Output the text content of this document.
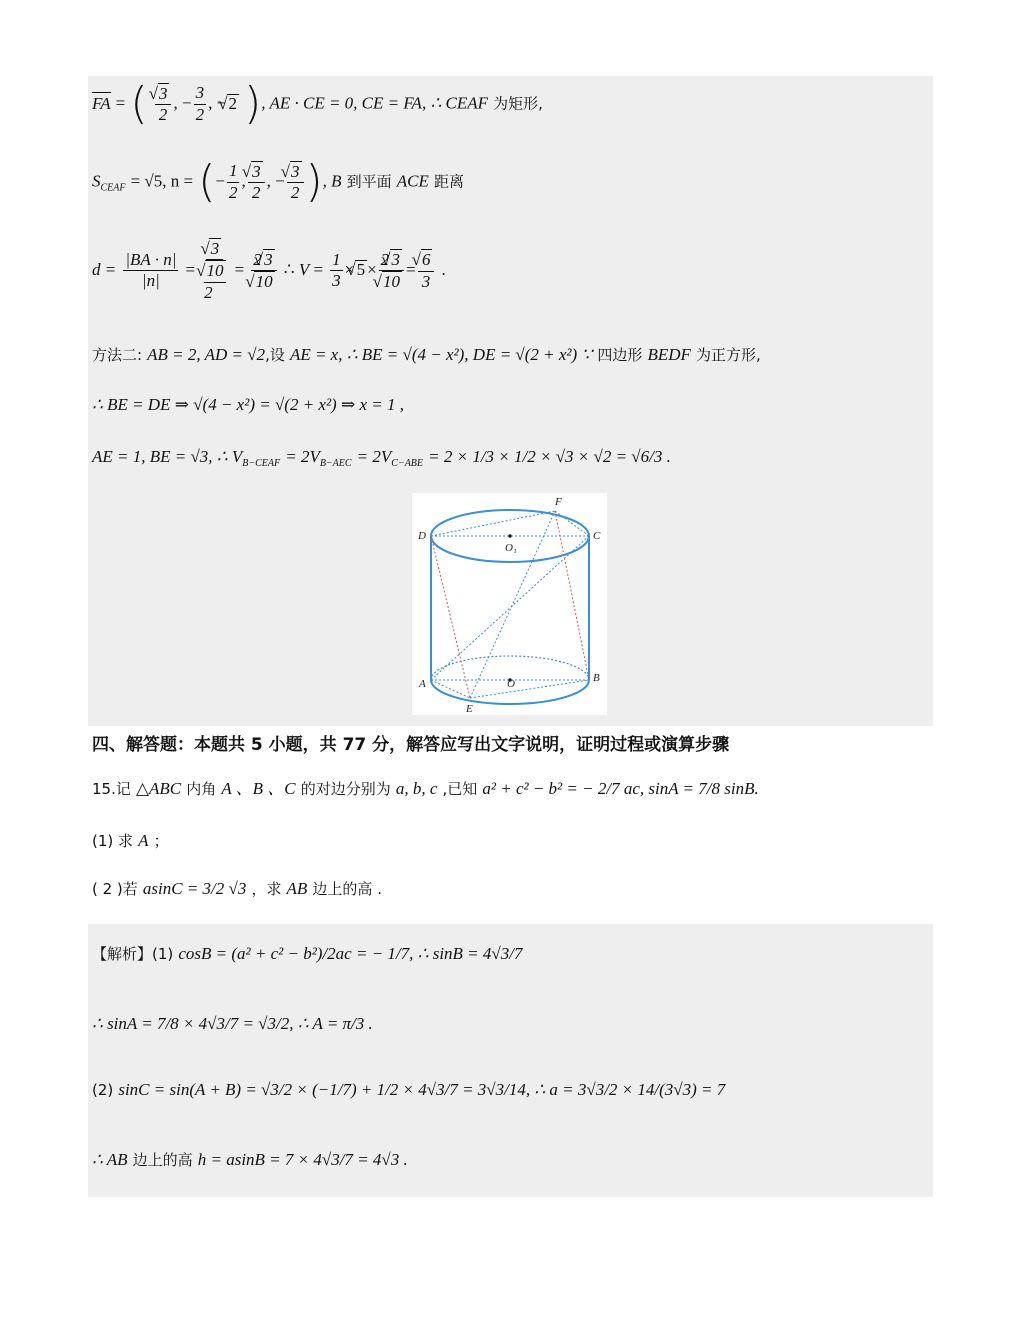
FA = ( √ $\frac{3}{2}$ , − $\frac{3}{2}$ , − √ 2 ), AE · CE = 0, CE = FA, ∴ CEAF 为矩形,
$S_{CEAF} = √5$, n = (− $\frac{1}{2}$ , √ $\frac{3}{2}$ , − √ $\frac{3}{2}$ ), B 到平面 ACE 距离
$d = \frac{|BA \cdot n|}{|n|}$ =
√ 3
√ 10
2
= 2 √ 3
√ 10 ∴ $V = \frac{1}{3}$ × √ 5 × 2 √ 3
√ 10 = √ $\frac{6}{3}$ .
方法二: AB = 2, AD = √2,设 AE = x, ∴ BE = √(4 − x²), DE = √(2 + x²) ∵ 四边形 BEDF 为正方形,
∴ BE = DE ⇒ √(4 − x²) = √(2 + x²) ⇒ x = 1 ,
AE = 1, BE = √3, ∴ $V_{B-CEAF} = 2V_{B-AEC} = 2V_{C-ABE} = 2 \times 1/3 \times 1/2 \times √3 \times √2 = √6/3$ .
D	C
F
O₁
A	B
O
E
四、解答题：本题共 5 小题，共 77 分，解答应写出文字说明，证明过程或演算步骤
15.记 △ABC 内角 A 、B 、C 的对边分别为 a, b, c ,已知 a² + c² − b² = − 2/7 ac, sinA = 7/8 sinB.
(1) 求 A ；
( 2 )若 asinC = 3/2 √3 ，求 AB 边上的高 .
【解析】(1) cosB = (a² + c² − b²)/2ac = − 1/7, ∴ sinB = 4√3/7
∴ sinA = 7/8 × 4√3/7 = √3/2, ∴ A = π/3 .
(2) sinC = sin(A + B) = √3/2 × (−1/7) + 1/2 × 4√3/7 = 3√3/14, ∴ a = 3√3/2 × 14/(3√3) = 7
∴ AB 边上的高 h = asinB = 7 × 4√3/7 = 4√3 .
